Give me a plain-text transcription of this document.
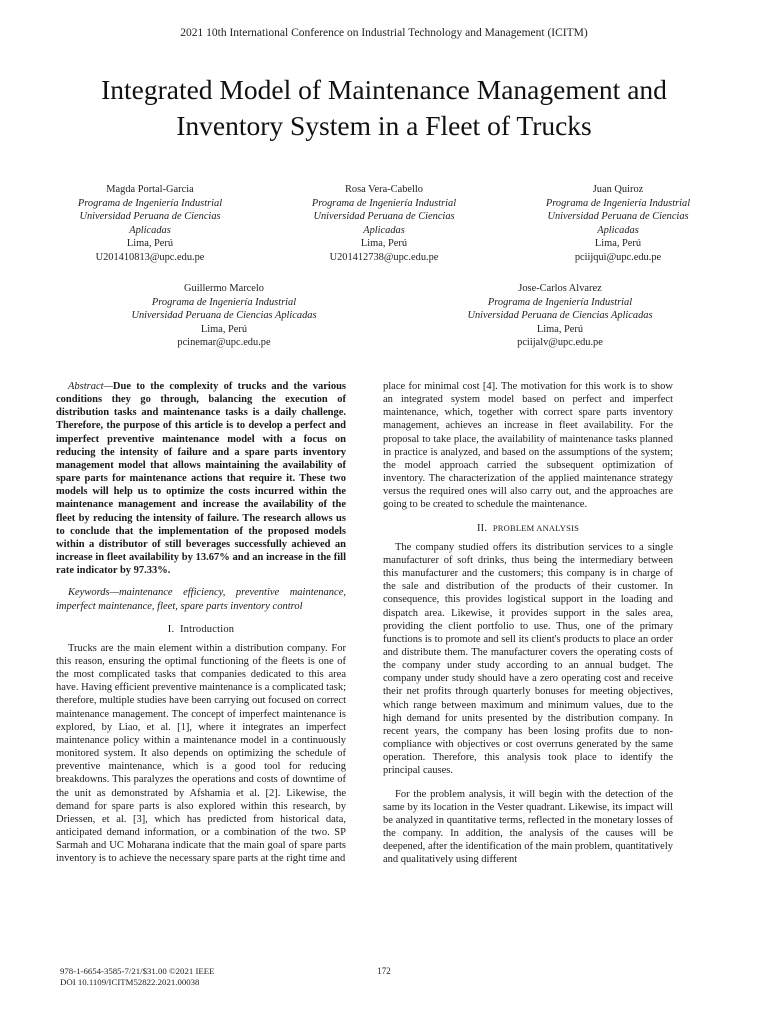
2021 10th International Conference on Industrial Technology and Management (ICITM)
Integrated Model of Maintenance Management and
Inventory System in a Fleet of Trucks
Magda Portal-Garcia
Programa de Ingeniería Industrial
Universidad Peruana de Ciencias
Aplicadas
Lima, Perú
U201410813@upc.edu.pe
Rosa Vera-Cabello
Programa de Ingeniería Industrial
Universidad Peruana de Ciencias
Aplicadas
Lima, Perú
U201412738@upc.edu.pe
Juan Quiroz
Programa de Ingeniería Industrial
Universidad Peruana de Ciencias
Aplicadas
Lima, Perú
pciijqui@upc.edu.pe
Guillermo Marcelo
Programa de Ingeniería Industrial
Universidad Peruana de Ciencias Aplicadas
Lima, Perú
pcinemar@upc.edu.pe
Jose-Carlos Alvarez
Programa de Ingeniería Industrial
Universidad Peruana de Ciencias Aplicadas
Lima, Perú
pciijalv@upc.edu.pe

Abstract—Due to the complexity of trucks and the various conditions they go through, balancing the execution of distribution tasks and maintenance tasks is a daily challenge. Therefore, the purpose of this article is to develop a perfect and imperfect preventive maintenance model with a focus on reducing the intensity of failure and a spare parts inventory management model that allows maintaining the availability of spare parts for maintenance actions that require it. These two models will help us to optimize the costs incurred within the maintenance management and increase the availability of the fleet by reducing the intensity of failure. The research allows us to conclude that the implementation of the proposed models within a distributor of still beverages successfully achieved an increase in fleet availability by 13.67% and an increase in the fill rate indicator by 97.33%.

Keywords—maintenance efficiency, preventive maintenance, imperfect maintenance, fleet, spare parts inventory control

I. Introduction

Trucks are the main element within a distribution company. For this reason, ensuring the optimal functioning of the fleets is one of the most complicated tasks that companies dedicated to this area have. Having efficient preventive maintenance is a complicated task; therefore, multiple studies have been carrying out focused on correct maintenance management. The concept of imperfect maintenance is explored, by Liao, et al. [1], where it integrates an imperfect maintenance policy within a maintenance model in a continuously monitored system. It also depends on optimizing the schedule of preventive maintenance, which is a good tool for reducing breakdowns. This paralyzes the operations and costs of downtime of the unit as demonstrated by Afshamia et al. [2]. Likewise, the demand for spare parts is also explored within this research, by Driessen, et al. [3], which has predicted from historical data, anticipated demand information, or a combination of the two. SP Sarmah and UC Moharana indicate that the main goal of spare parts inventory is to achieve the necessary spare parts at the right time and

place for minimal cost [4]. The motivation for this work is to show an integrated system model based on perfect and imperfect maintenance, which, together with correct spare parts inventory management, achieves an increase in fleet availability. For the proposal to take place, the availability of maintenance tasks planned in practice is analyzed, and based on the assumptions of the system; the model approach carried the subsequent optimization of inventory. The characterization of the applied maintenance strategy versus the required ones will also carry out, and the approaches are going to be created to schedule the maintenance.

II. PROBLEM ANALYSIS

The company studied offers its distribution services to a single manufacturer of soft drinks, thus being the intermediary between this manufacturer and the customers; this company is in charge of the sale and distribution of the products of their customer. In consequence, this provides logistical support in the loading and dispatch area. Likewise, it provides support in the sales area, providing the client portfolio to use. Thus, one of the primary functions is to promote and sell its client's products to place an order and distribute them. The manufacturer covers the operating costs of the company under study according to an annual budget. The company under study should have a zero operating cost and receive their net profits through quarterly bonuses for meeting objectives, which range between maximum and minimum values, due to the high demand for units presented by the distribution company. In recent years, the company has been losing profits due to non-compliance with objectives or cost overruns generated by the same operation. Therefore, this analysis took place to identify the principal causes.

For the problem analysis, it will begin with the detection of the same by its location in the Vester quadrant. Likewise, its impact will be analyzed in quantitative terms, reflected in the monetary losses of the company. In addition, the analysis of the causes will be deepened, after the identification of the main problem, quantitatively and qualitatively using different

978-1-6654-3585-7/21/$31.00 ©2021 IEEE
DOI 10.1109/ICITM52822.2021.00038
172
